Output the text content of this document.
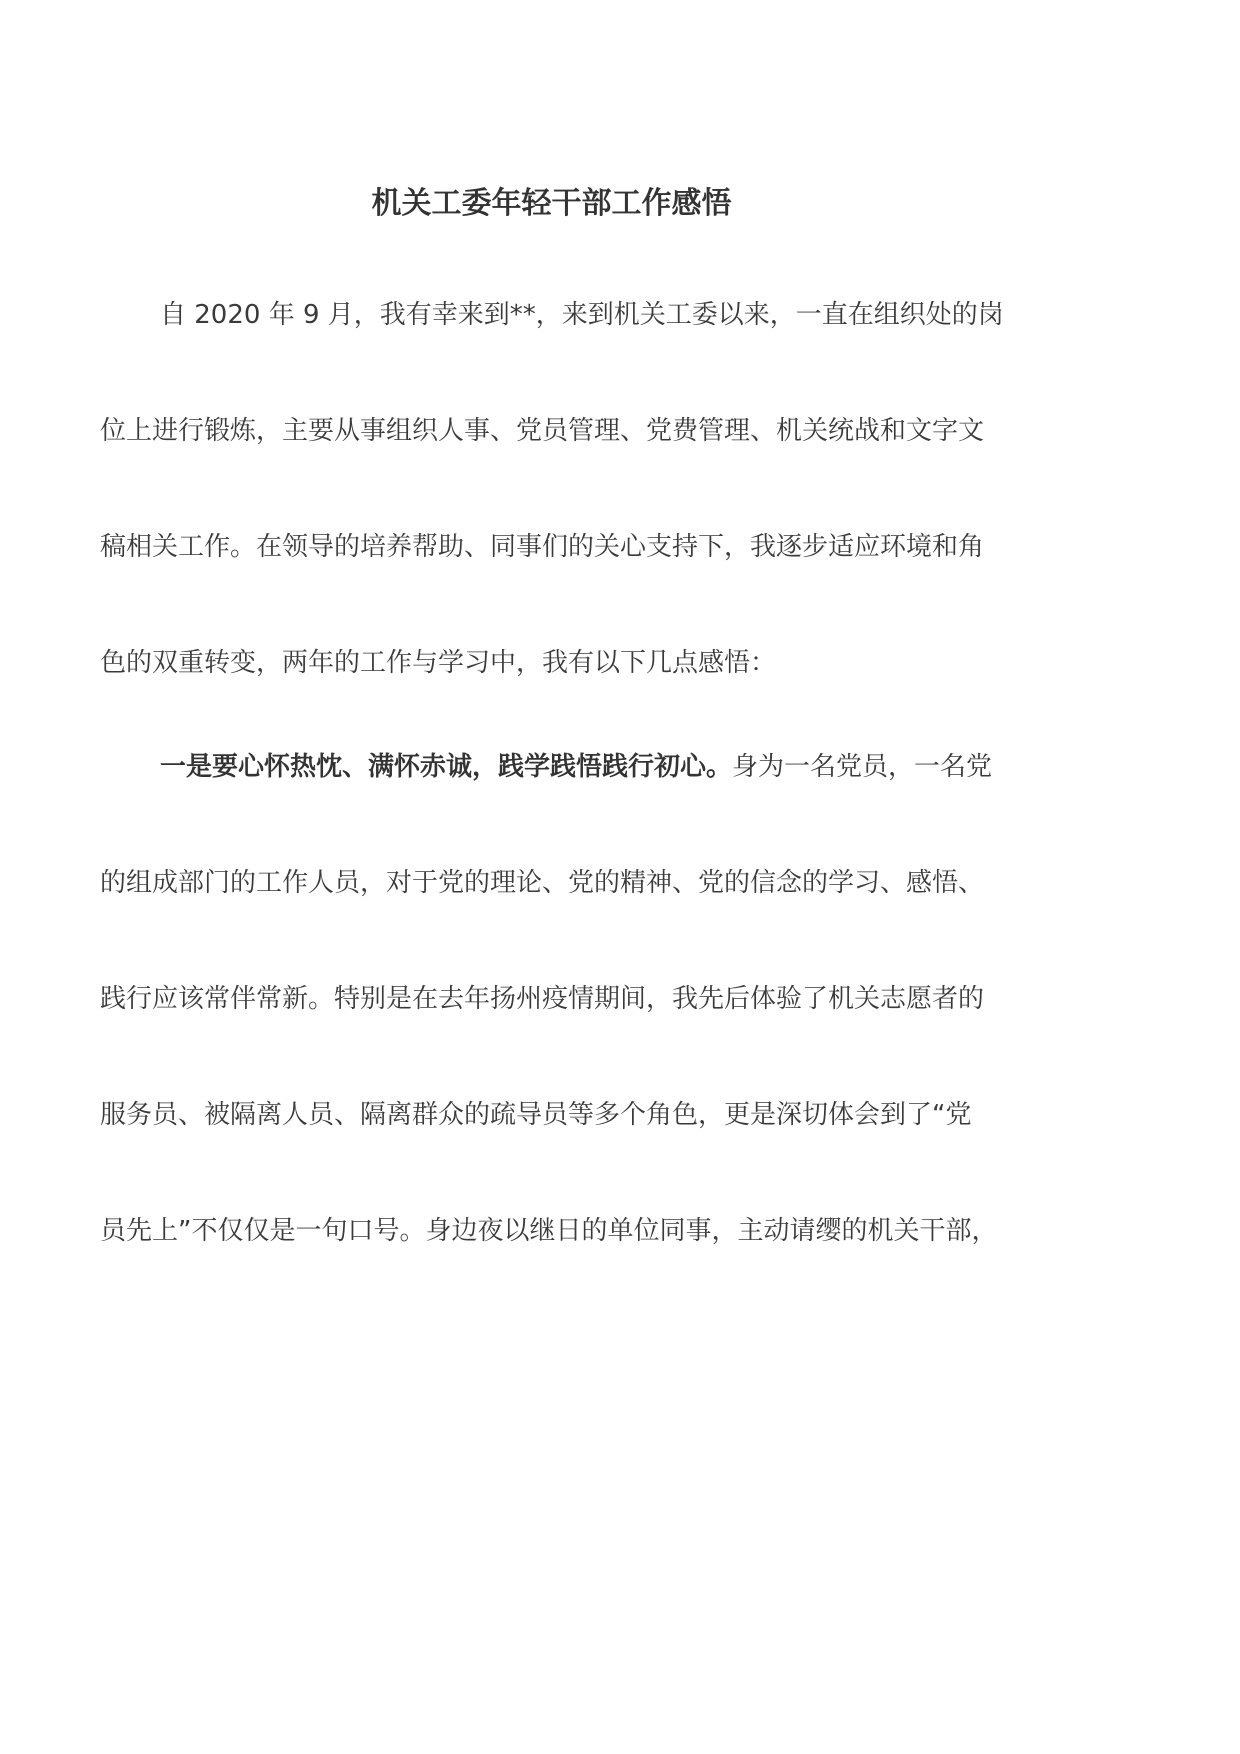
机关工委年轻干部工作感悟
自 2020 年 9 月，我有幸来到**，来到机关工委以来，一直在组织处的岗
位上进行锻炼，主要从事组织人事、党员管理、党费管理、机关统战和文字文
稿相关工作。在领导的培养帮助、同事们的关心支持下，我逐步适应环境和角
色的双重转变，两年的工作与学习中，我有以下几点感悟：
一是要心怀热忱、满怀赤诚，践学践悟践行初心。身为一名党员，一名党
的组成部门的工作人员，对于党的理论、党的精神、党的信念的学习、感悟、
践行应该常伴常新。特别是在去年扬州疫情期间，我先后体验了机关志愿者的
服务员、被隔离人员、隔离群众的疏导员等多个角色，更是深切体会到了“党
员先上”不仅仅是一句口号。身边夜以继日的单位同事，主动请缨的机关干部，
